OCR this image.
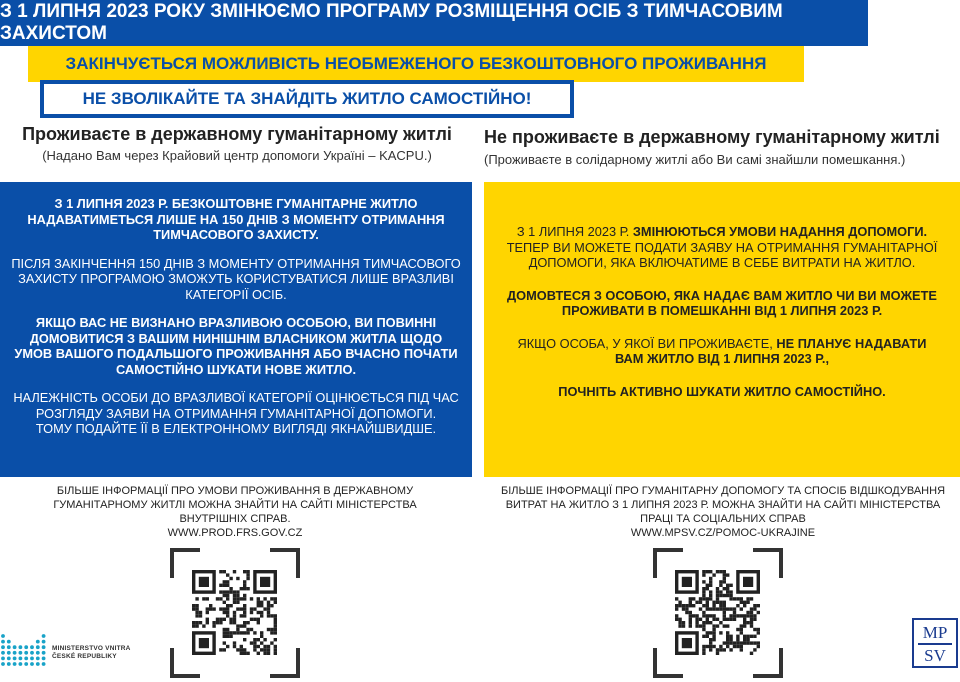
З 1 ЛИПНЯ 2023 РОКУ ЗМІНЮЄМО ПРОГРАМУ РОЗМІЩЕННЯ ОСІБ З ТИМЧАСОВИМ ЗАХИСТОМ
ЗАКІНЧУЄТЬСЯ МОЖЛИВІСТЬ НЕОБМЕЖЕНОГО БЕЗКОШТОВНОГО ПРОЖИВАННЯ
НЕ ЗВОЛІКАЙТЕ ТА ЗНАЙДІТЬ ЖИТЛО САМОСТІЙНО!
Проживаєте в державному гуманітарному житлі
(Надано Вам через Крайовий центр допомоги Україні – KACPU.)
Не проживаєте в державному гуманітарному житлі
(Проживаєте в солідарному житлі або Ви самі знайшли помешкання.)

З 1 ЛИПНЯ 2023 Р. БЕЗКОШТОВНЕ ГУМАНІТАРНЕ ЖИТЛО НАДАВАТИМЕТЬСЯ ЛИШЕ НА 150 ДНІВ З МОМЕНТУ ОТРИМАННЯ ТИМЧАСОВОГО ЗАХИСТУ.

ПІСЛЯ ЗАКІНЧЕННЯ 150 ДНІВ З МОМЕНТУ ОТРИМАННЯ ТИМЧАСОВОГО ЗАХИСТУ ПРОГРАМОЮ ЗМОЖУТЬ КОРИСТУВАТИСЯ ЛИШЕ ВРАЗЛИВІ КАТЕГОРІЇ ОСІБ.

ЯКЩО ВАС НЕ ВИЗНАНО ВРАЗЛИВОЮ ОСОБОЮ, ВИ ПОВИННІ ДОМОВИТИСЯ З ВАШИМ НИНІШНІМ ВЛАСНИКОМ ЖИТЛА ЩОДО УМОВ ВАШОГО ПОДАЛЬШОГО ПРОЖИВАННЯ АБО ВЧАСНО ПОЧАТИ САМОСТІЙНО ШУКАТИ НОВЕ ЖИТЛО.

НАЛЕЖНІСТЬ ОСОБИ ДО ВРАЗЛИВОЇ КАТЕГОРІЇ ОЦІНЮЄТЬСЯ ПІД ЧАС РОЗГЛЯДУ ЗАЯВИ НА ОТРИМАННЯ ГУМАНІТАРНОЇ ДОПОМОГИ.

ТОМУ ПОДАЙТЕ ЇЇ В ЕЛЕКТРОННОМУ ВИГЛЯДІ ЯКНАЙШВИДШЕ.

З 1 ЛИПНЯ 2023 Р. ЗМІНЮЮТЬСЯ УМОВИ НАДАННЯ ДОПОМОГИ. ТЕПЕР ВИ МОЖЕТЕ ПОДАТИ ЗАЯВУ НА ОТРИМАННЯ ГУМАНІТАРНОЇ ДОПОМОГИ, ЯКА ВКЛЮЧАТИМЕ В СЕБЕ ВИТРАТИ НА ЖИТЛО.

ДОМОВТЕСЯ З ОСОБОЮ, ЯКА НАДАЄ ВАМ ЖИТЛО ЧИ ВИ МОЖЕТЕ ПРОЖИВАТИ В ПОМЕШКАННІ ВІД 1 ЛИПНЯ 2023 Р.

ЯКЩО ОСОБА, У ЯКОЇ ВИ ПРОЖИВАЄТЕ, НЕ ПЛАНУЄ НАДАВАТИ ВАМ ЖИТЛО ВІД 1 ЛИПНЯ 2023 Р.,

ПОЧНІТЬ АКТИВНО ШУКАТИ ЖИТЛО САМОСТІЙНО.

БІЛЬШЕ ІНФОРМАЦІЇ ПРО УМОВИ ПРОЖИВАННЯ В ДЕРЖАВНОМУ ГУМАНІТАРНОМУ ЖИТЛІ МОЖНА ЗНАЙТИ НА САЙТІ МІНІСТЕРСТВА ВНУТРІШНІХ СПРАВ.
WWW.PROD.FRS.GOV.CZ
БІЛЬШЕ ІНФОРМАЦІЇ ПРО ГУМАНІТАРНУ ДОПОМОГУ ТА СПОСІБ ВІДШКОДУВАННЯ ВИТРАТ НА ЖИТЛО З 1 ЛИПНЯ 2023 Р. МОЖНА ЗНАЙТИ НА САЙТІ МІНІСТЕРСТВА ПРАЦІ ТА СОЦІАЛЬНИХ СПРАВ
WWW.MPSV.CZ/POMOC-UKRAJINE
MINISTERSTVO VNITRA
ČESKÉ REPUBLIKY
MP
SV
